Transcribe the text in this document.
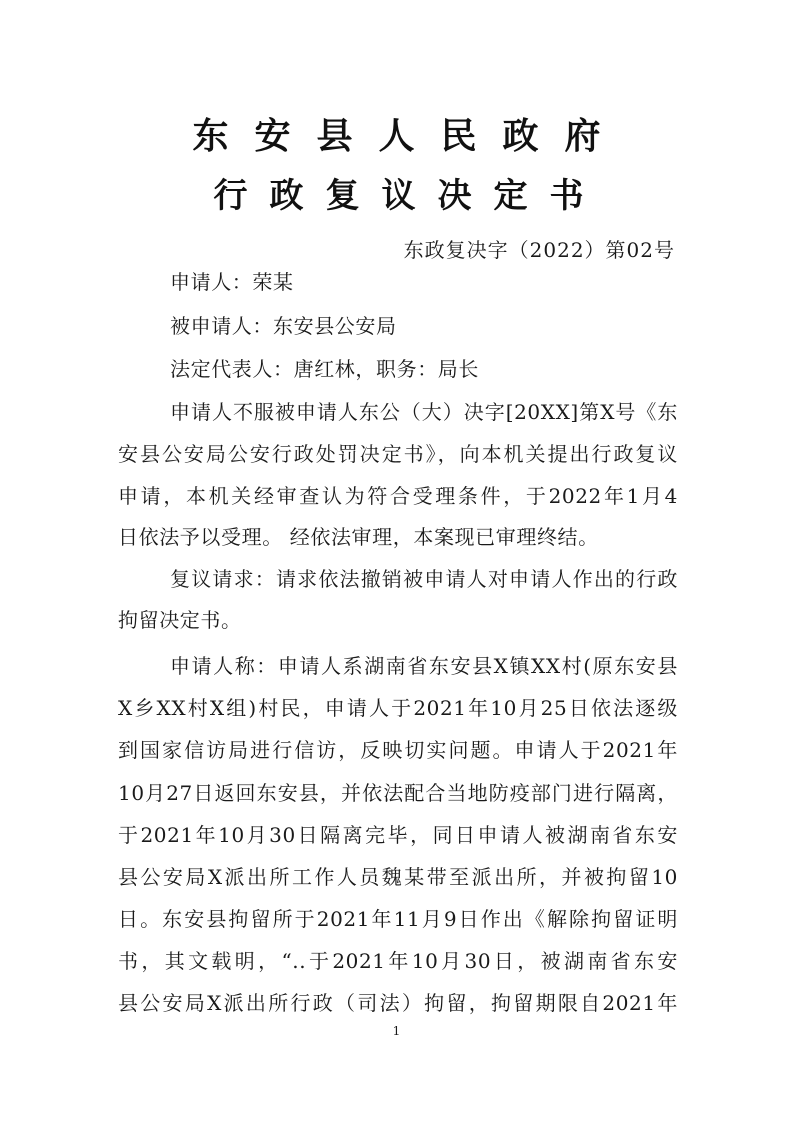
东安县人民政府
行政复议决定书
东政复决字（2022）第02号
申请人：荣某
被申请人：东安县公安局
法定代表人：唐红林，职务：局长
申请人不服被申请人东公（大）决字[20XX]第X号《东
安县公安局公安行政处罚决定书》，向本机关提出行政复议
申请，本机关经审查认为符合受理条件，于2022年1月4
日依法予以受理。 经依法审理，本案现已审理终结。
复议请求：请求依法撤销被申请人对申请人作出的行政
拘留决定书。
申请人称：申请人系湖南省东安县X镇XX村(原东安县
X乡XX村X组)村民，申请人于2021年10月25日依法逐级
到国家信访局进行信访，反映切实问题。申请人于2021年
10月27日返回东安县，并依法配合当地防疫部门进行隔离，
于2021年10月30日隔离完毕，同日申请人被湖南省东安
县公安局X派出所工作人员魏某带至派出所，并被拘留10
日。东安县拘留所于2021年11月9日作出《解除拘留证明
书，其文载明，“..于2021年10月30日，被湖南省东安
县公安局X派出所行政（司法）拘留，拘留期限自2021年
1
